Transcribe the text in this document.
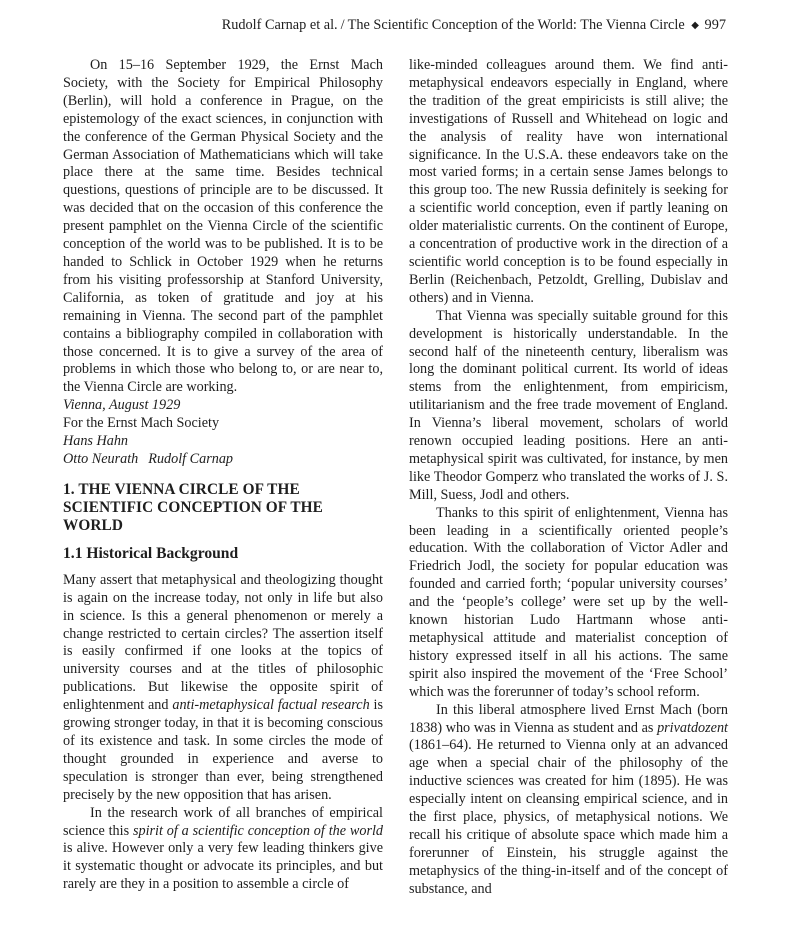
Rudolf Carnap et al. / The Scientific Conception of the World: The Vienna Circle ◆ 997

On 15–16 September 1929, the Ernst Mach Society, with the Society for Empirical Philosophy (Berlin), will hold a conference in Prague, on the epistemology of the exact sciences, in conjunction with the conference of the German Physical Society and the German Association of Mathematicians which will take place there at the same time. Besides technical questions, questions of principle are to be discussed. It was decided that on the occasion of this conference the present pamphlet on the Vienna Circle of the scientific conception of the world was to be published. It is to be handed to Schlick in October 1929 when he returns from his visiting professorship at Stanford University, California, as token of gratitude and joy at his remaining in Vienna. The second part of the pamphlet contains a bibliography compiled in collaboration with those concerned. It is to give a survey of the area of problems in which those who belong to, or are near to, the Vienna Circle are working.

Vienna, August 1929

For the Ernst Mach Society

Hans Hahn

Otto Neurath Rudolf Carnap

1. THE VIENNA CIRCLE OF THE
SCIENTIFIC CONCEPTION OF THE WORLD
1.1 Historical Background

Many assert that metaphysical and theologizing thought is again on the increase today, not only in life but also in science. Is this a general phenomenon or merely a change restricted to certain circles? The assertion itself is easily confirmed if one looks at the topics of university courses and at the titles of philosophic publications. But likewise the opposite spirit of enlightenment and anti-metaphysical factual research is growing stronger today, in that it is becoming conscious of its existence and task. In some circles the mode of thought grounded in experience and averse to speculation is stronger than ever, being strengthened precisely by the new opposition that has arisen.

In the research work of all branches of empirical science this spirit of a scientific conception of the world is alive. However only a very few leading thinkers give it systematic thought or advocate its principles, and but rarely are they in a position to assemble a circle of

like-minded colleagues around them. We find anti-metaphysical endeavors especially in England, where the tradition of the great empiricists is still alive; the investigations of Russell and Whitehead on logic and the analysis of reality have won international significance. In the U.S.A. these endeavors take on the most varied forms; in a certain sense James belongs to this group too. The new Russia definitely is seeking for a scientific world conception, even if partly leaning on older materialistic currents. On the continent of Europe, a concentration of productive work in the direction of a scientific world conception is to be found especially in Berlin (Reichenbach, Petzoldt, Grelling, Dubislav and others) and in Vienna.

That Vienna was specially suitable ground for this development is historically understandable. In the second half of the nineteenth century, liberalism was long the dominant political current. Its world of ideas stems from the enlightenment, from empiricism, utilitarianism and the free trade movement of England. In Vienna’s liberal movement, scholars of world renown occupied leading positions. Here an anti-metaphysical spirit was cultivated, for instance, by men like Theodor Gomperz who translated the works of J. S. Mill, Suess, Jodl and others.

Thanks to this spirit of enlightenment, Vienna has been leading in a scientifically oriented people’s education. With the collaboration of Victor Adler and Friedrich Jodl, the society for popular education was founded and carried forth; ‘popular university courses’ and the ‘people’s college’ were set up by the well-known historian Ludo Hartmann whose anti-metaphysical attitude and materialist conception of history expressed itself in all his actions. The same spirit also inspired the movement of the ‘Free School’ which was the forerunner of today’s school reform.

In this liberal atmosphere lived Ernst Mach (born 1838) who was in Vienna as student and as privatdozent (1861–64). He returned to Vienna only at an advanced age when a special chair of the philosophy of the inductive sciences was created for him (1895). He was especially intent on cleansing empirical science, and in the first place, physics, of metaphysical notions. We recall his critique of absolute space which made him a forerunner of Einstein, his struggle against the metaphysics of the thing-in-itself and of the concept of substance, and
